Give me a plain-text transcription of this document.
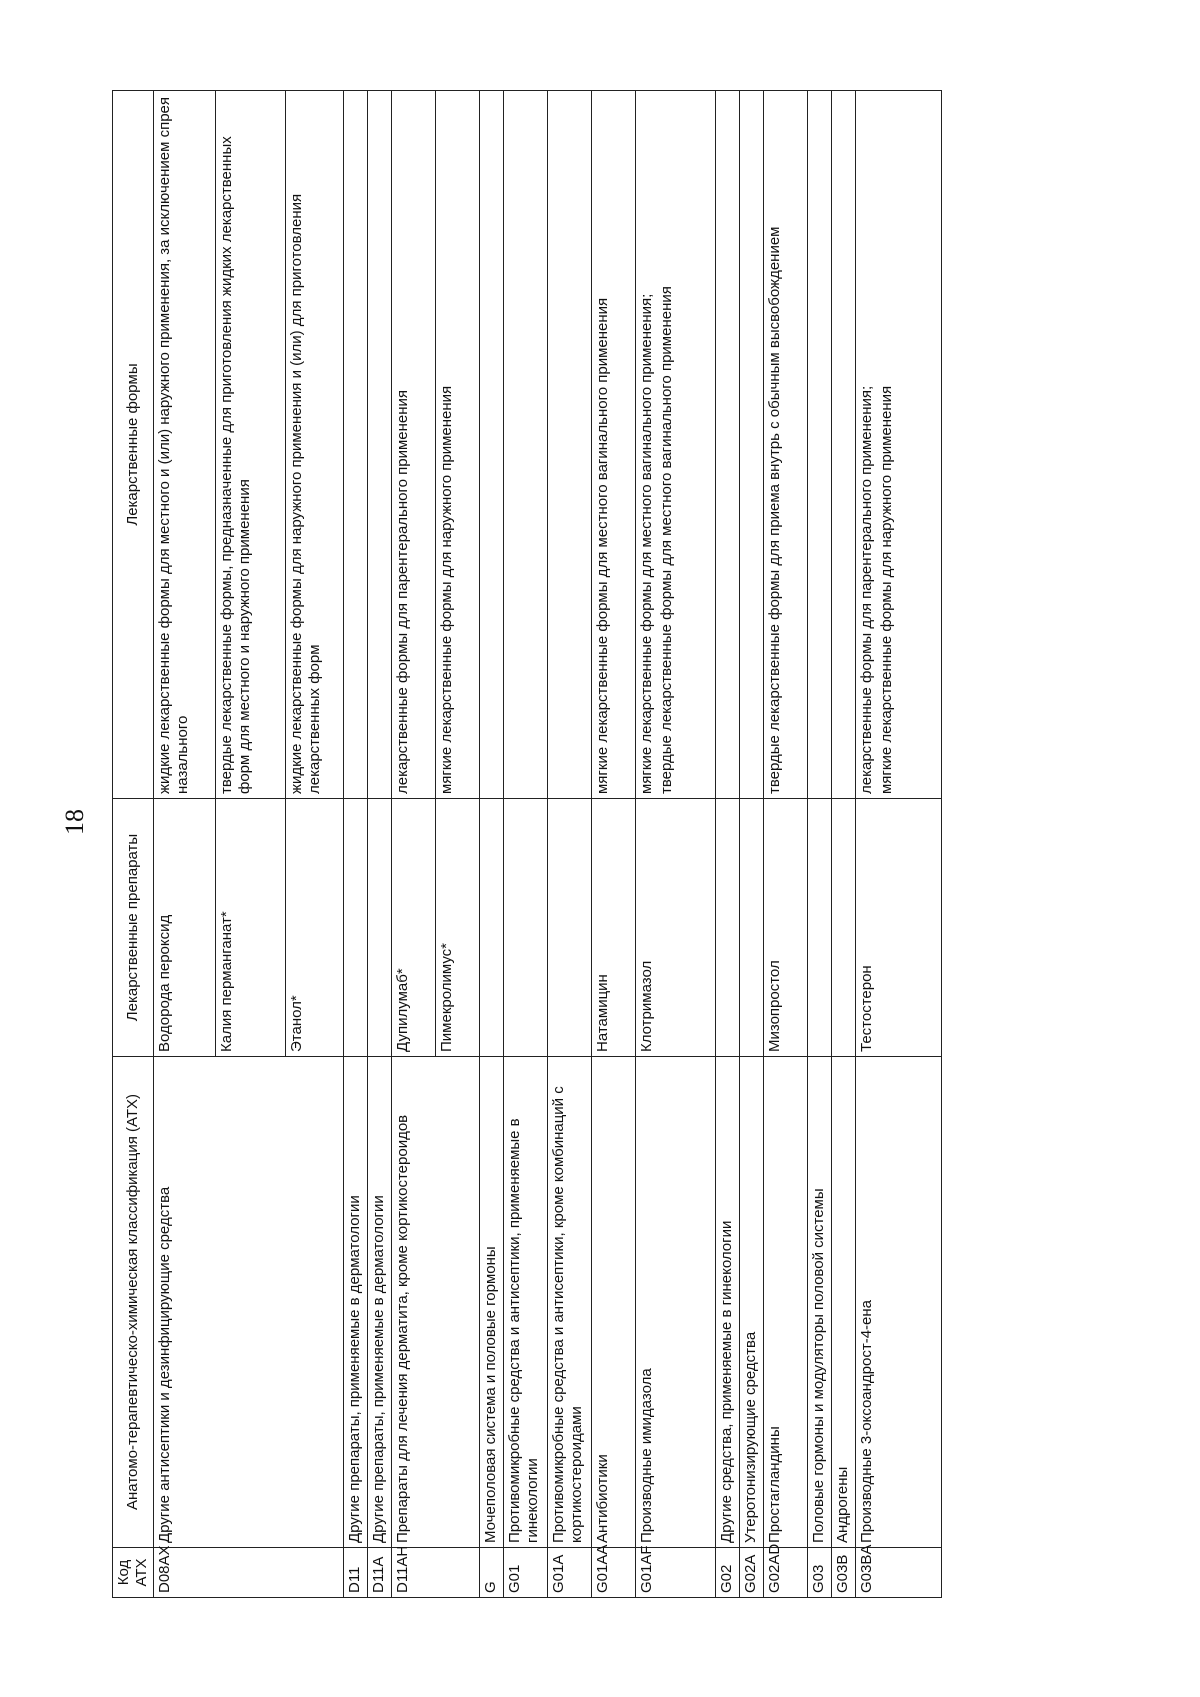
18
Код АТХ	Анатомо-терапевтическо-химическая классификация (АТХ)	Лекарственные препараты	Лекарственные формы
D08AX	Другие антисептики и дезинфицирующие средства	Водорода пероксид	жидкие лекарственные формы для местного и (или) наружного применения, за исключением спрея назального

		Калия перманганат*	твердые лекарственные формы, предназначенные для приготовления жидких лекарственных форм для местного и наружного применения

		Этанол*	жидкие лекарственные формы для наружного применения и (или) для приготовления лекарственных форм

D11	Другие препараты, применяемые в дерматологии		
D11A	Другие препараты, применяемые в дерматологии		
D11AH	Препараты для лечения дерматита, кроме кортикостероидов	Дупилумаб*	лекарственные формы для парентерального применения

		Пимекролимус*	мягкие лекарственные формы для наружного применения

G	Мочеполовая система и половые гормоны		
G01	Противомикробные средства и антисептики, применяемые в гинекологии		
G01A	Противомикробные средства и антисептики, кроме комбинаций с кортикостероидами		
G01AA	Антибиотики	Натамицин	мягкие лекарственные формы для местного вагинального применения

G01AF	Производные имидазола	Клотримазол	мягкие лекарственные формы для местного вагинального применения; твердые лекарственные формы для местного вагинального применения

G02	Другие средства, применяемые в гинекологии		
G02A	Утеротонизирующие средства		
G02AD	Простагландины	Мизопростол	твердые лекарственные формы для приема внутрь с обычным высвобождением

G03	Половые гормоны и модуляторы половой системы		
G03B	Андрогены		
G03BA	Производные 3-оксоандрост-4-ена	Тестостерон	лекарственные формы для парентерального применения; мягкие лекарственные формы для наружного применения
